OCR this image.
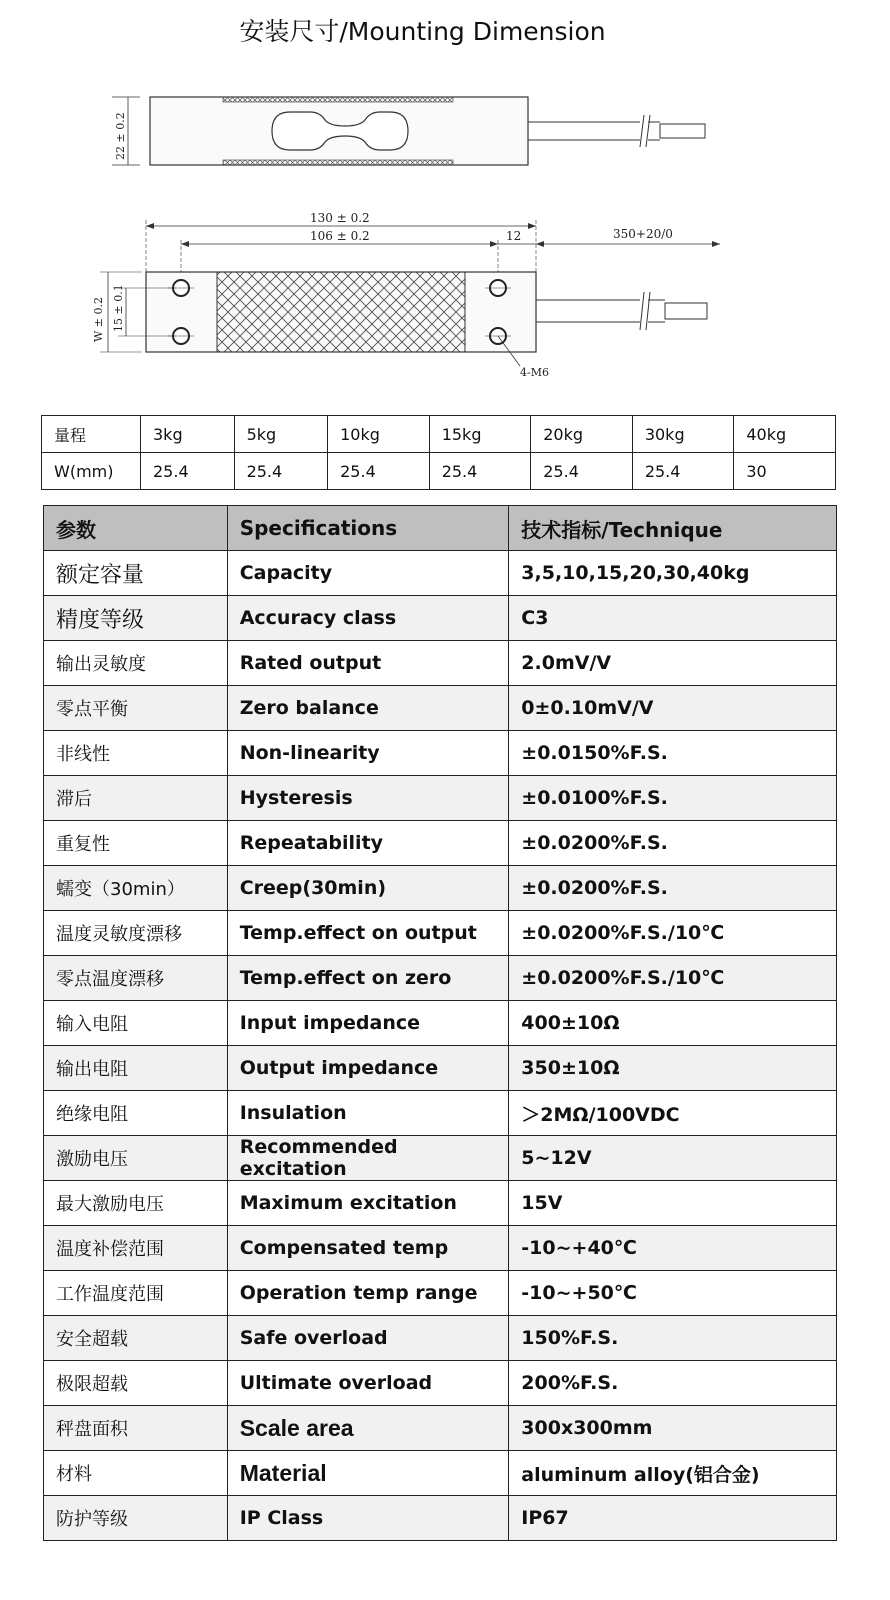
安装尺寸/Mounting Dimension
22 ± 0.2
130 ± 0.2
106 ± 0.2	12	350+20/0
4-M6
W ± 0.2 15 ± 0.1
量程	3kg	5kg	10kg	15kg	20kg	30kg	40kg
W(mm)	25.4	25.4	25.4	25.4	25.4	25.4	30
参数	Specifications	技术指标/Technique
额定容量	Capacity	3,5,10,15,20,30,40kg
精度等级	Accuracy class	C3
输出灵敏度	Rated output	2.0mV/V
零点平衡	Zero balance	0±0.10mV/V
非线性	Non-linearity	±0.0150%F.S.
滞后	Hysteresis	±0.0100%F.S.
重复性	Repeatability	±0.0200%F.S.
蠕变（30min）	Creep(30min)	±0.0200%F.S.
温度灵敏度漂移	Temp.effect on output	±0.0200%F.S./10℃
零点温度漂移	Temp.effect on zero	±0.0200%F.S./10℃
输入电阻	Input impedance	400±10Ω
输出电阻	Output impedance	350±10Ω
绝缘电阻	Insulation	＞2MΩ/100VDC
激励电压	Recommended excitation	5~12V
最大激励电压	Maximum excitation	15V
温度补偿范围	Compensated temp	-10~+40℃
工作温度范围	Operation temp range	-10~+50℃
安全超载	Safe overload	150%F.S.
极限超载	Ultimate overload	200%F.S.
秤盘面积	Scale area	300x300mm
材料	Material	aluminum alloy(铝合金)
防护等级	IP Class	IP67
